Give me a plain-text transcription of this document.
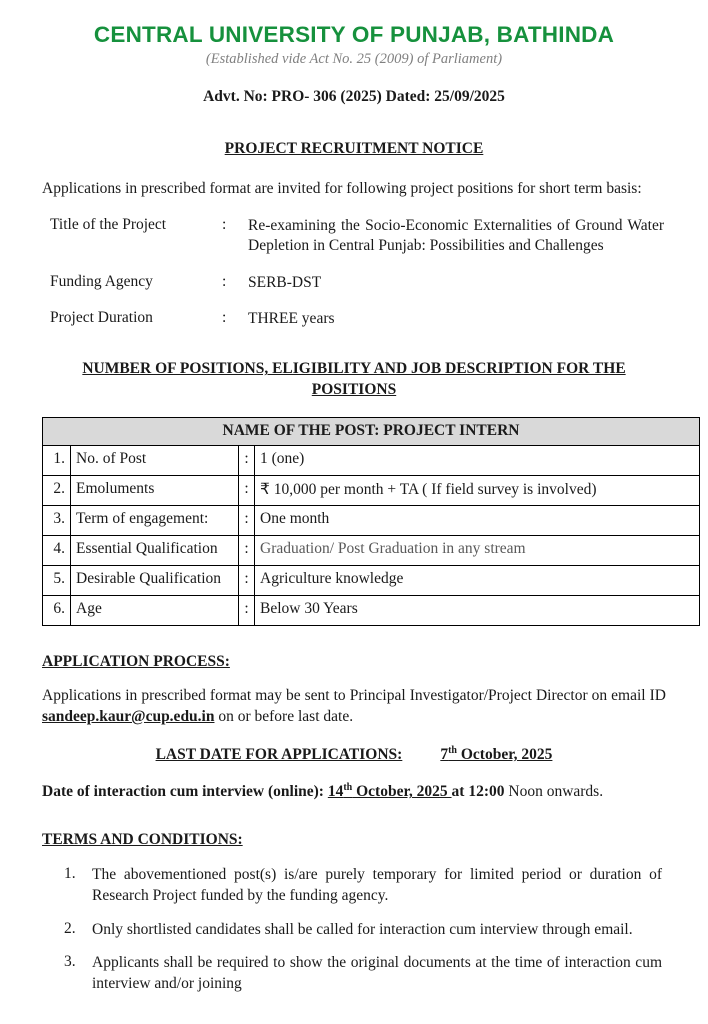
CENTRAL UNIVERSITY OF PUNJAB, BATHINDA
(Established vide Act No. 25 (2009) of Parliament)
Advt. No: PRO- 306 (2025) Dated: 25/09/2025
PROJECT RECRUITMENT NOTICE

Applications in prescribed format are invited for following project positions for short term basis:

Title of the Project	:	Re-examining the Socio-Economic Externalities of Ground Water Depletion in Central Punjab: Possibilities and Challenges
Funding Agency	:	SERB-DST
Project Duration	:	THREE years
NUMBER OF POSITIONS, ELIGIBILITY AND JOB DESCRIPTION FOR THE POSITIONS
NAME OF THE POST: PROJECT INTERN			
1.	No. of Post	:	1 (one)
2.	Emoluments	:	₹ 10,000 per month + TA ( If field survey is involved)
3.	Term of engagement:	:	One month
4.	Essential Qualification	:	Graduation/ Post Graduation in any stream
5.	Desirable Qualification	:	Agriculture knowledge
6.	Age	:	Below 30 Years
APPLICATION PROCESS:

Applications in prescribed format may be sent to Principal Investigator/Project Director on email ID sandeep.kaur@cup.edu.in on or before last date.

LAST DATE FOR APPLICATIONS: 7th October, 2025
Date of interaction cum interview (online): 14th October, 2025 at 12:00 Noon onwards.
TERMS AND CONDITIONS:
1.	The abovementioned post(s) is/are purely temporary for limited period or duration of Research Project funded by the funding agency.
2.	Only shortlisted candidates shall be called for interaction cum interview through email.
3.	Applicants shall be required to show the original documents at the time of interaction cum interview and/or joining
